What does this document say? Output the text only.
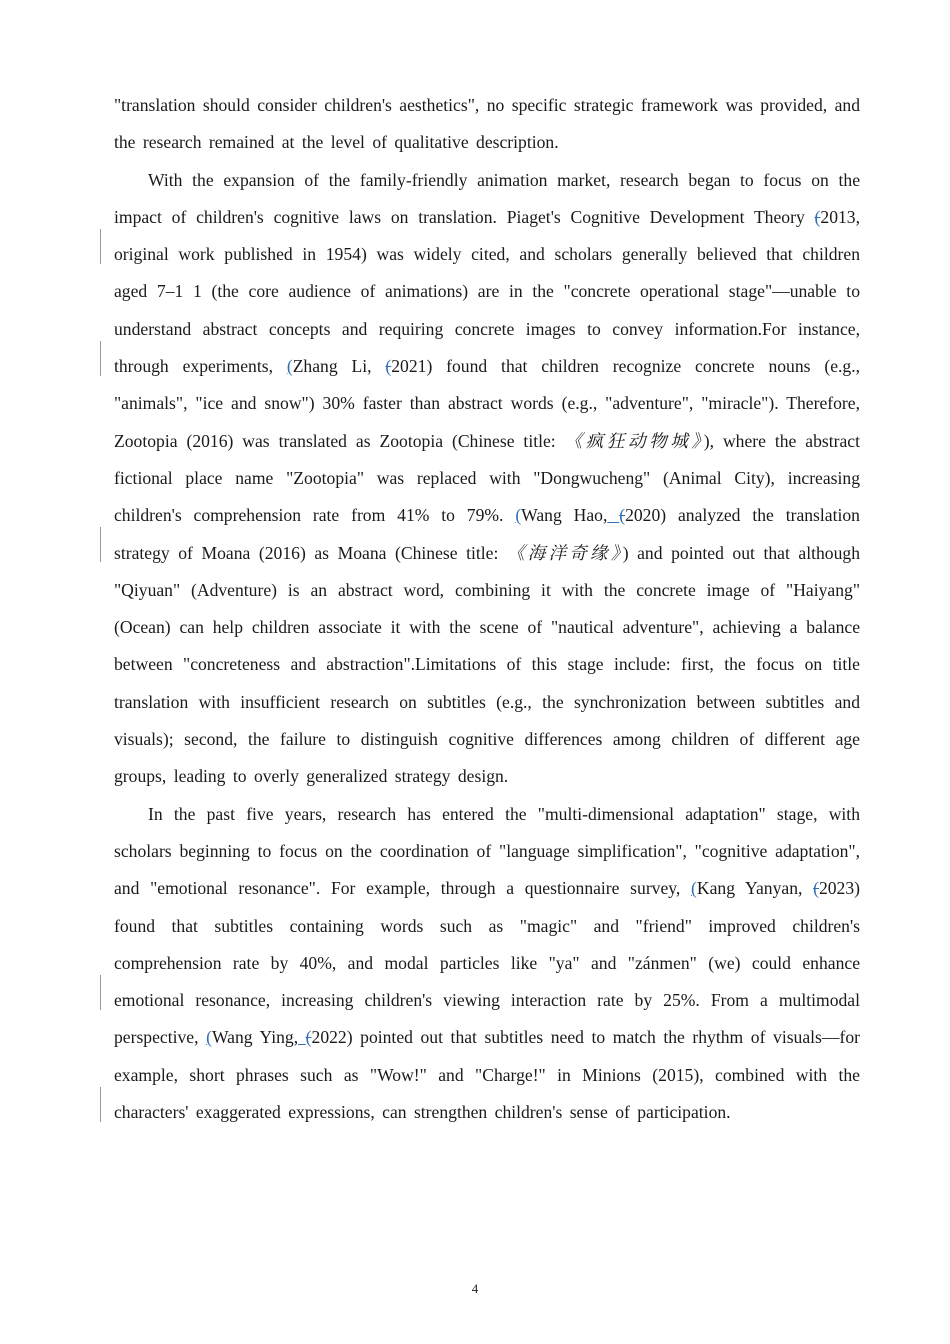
"translation should consider children's aesthetics", no specific strategic framework was provided, and the research remained at the level of qualitative description.

With the expansion of the family-friendly animation market, research began to focus on the impact of children's cognitive laws on translation. Piaget's Cognitive Development Theory (2013, original work published in 1954) was widely cited, and scholars generally believed that children aged 7–1 1 (the core audience of animations) are in the "concrete operational stage"—unable to understand abstract concepts and requiring concrete images to convey information.For instance, through experiments, (Zhang Li, (2021) found that children recognize concrete nouns (e.g., "animals", "ice and snow") 30% faster than abstract words (e.g., "adventure", "miracle"). Therefore, Zootopia (2016) was translated as Zootopia (Chinese title: 《疯狂动物城》), where the abstract fictional place name "Zootopia" was replaced with "Dongwucheng" (Animal City), increasing children's comprehension rate from 41% to 79%. (Wang Hao, (2020) analyzed the translation strategy of Moana (2016) as Moana (Chinese title: 《海洋奇缘》) and pointed out that although "Qiyuan" (Adventure) is an abstract word, combining it with the concrete image of "Haiyang" (Ocean) can help children associate it with the scene of "nautical adventure", achieving a balance between "concreteness and abstraction".Limitations of this stage include: first, the focus on title translation with insufficient research on subtitles (e.g., the synchronization between subtitles and visuals); second, the failure to distinguish cognitive differences among children of different age groups, leading to overly generalized strategy design.

In the past five years, research has entered the "multi-dimensional adaptation" stage, with scholars beginning to focus on the coordination of "language simplification", "cognitive adaptation", and "emotional resonance". For example, through a questionnaire survey, (Kang Yanyan, (2023) found that subtitles containing words such as "magic" and "friend" improved children's comprehension rate by 40%, and modal particles like "ya" and "zánmen" (we) could enhance emotional resonance, increasing children's viewing interaction rate by 25%. From a multimodal perspective, (Wang Ying, (2022) pointed out that subtitles need to match the rhythm of visuals—for example, short phrases such as "Wow!" and "Charge!" in Minions (2015), combined with the characters' exaggerated expressions, can strengthen children's sense of participation.

4
